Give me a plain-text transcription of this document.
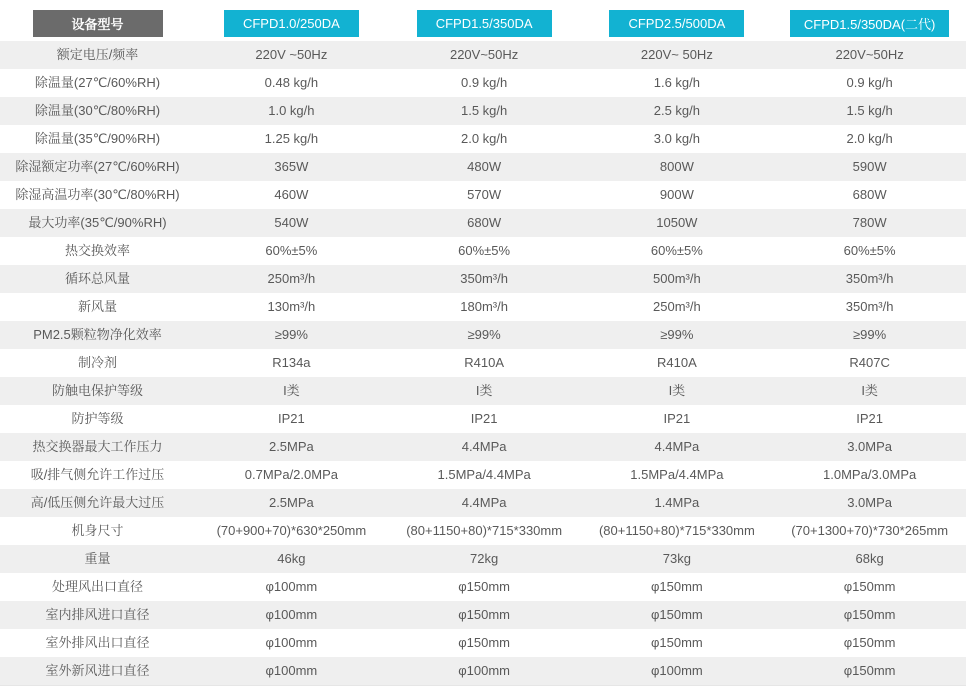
设备型号	CFPD1.0/250DA	CFPD1.5/350DA	CFPD2.5/500DA	CFPD1.5/350DA(二代)
额定电压/频率	220V ~50Hz	220V~50Hz	220V~ 50Hz	220V~50Hz
除温量(27℃/60%RH)	0.48 kg/h	0.9 kg/h	1.6 kg/h	0.9 kg/h
除温量(30℃/80%RH)	1.0 kg/h	1.5 kg/h	2.5 kg/h	1.5 kg/h
除温量(35℃/90%RH)	1.25 kg/h	2.0 kg/h	3.0 kg/h	2.0 kg/h
除湿额定功率(27℃/60%RH)	365W	480W	800W	590W
除湿高温功率(30℃/80%RH)	460W	570W	900W	680W
最大功率(35℃/90%RH)	540W	680W	1050W	780W
热交换效率	60%±5%	60%±5%	60%±5%	60%±5%
循环总风量	250m³/h	350m³/h	500m³/h	350m³/h
新风量	130m³/h	180m³/h	250m³/h	350m³/h
PM2.5颗粒物净化效率	≥99%	≥99%	≥99%	≥99%
制冷剂	R134a	R410A	R410A	R407C
防触电保护等级	I类	I类	I类	I类
防护等级	IP21	IP21	IP21	IP21
热交换器最大工作压力	2.5MPa	4.4MPa	4.4MPa	3.0MPa
吸/排气侧允许工作过压	0.7MPa/2.0MPa	1.5MPa/4.4MPa	1.5MPa/4.4MPa	1.0MPa/3.0MPa
高/低压侧允许最大过压	2.5MPa	4.4MPa	1.4MPa	3.0MPa
机身尺寸	(70+900+70)*630*250mm	(80+1150+80)*715*330mm	(80+1150+80)*715*330mm	(70+1300+70)*730*265mm
重量	46kg	72kg	73kg	68kg
处理风出口直径	φ100mm	φ150mm	φ150mm	φ150mm
室内排风进口直径	φ100mm	φ150mm	φ150mm	φ150mm
室外排风出口直径	φ100mm	φ150mm	φ150mm	φ150mm
室外新风进口直径	φ100mm	φ100mm	φ100mm	φ150mm
